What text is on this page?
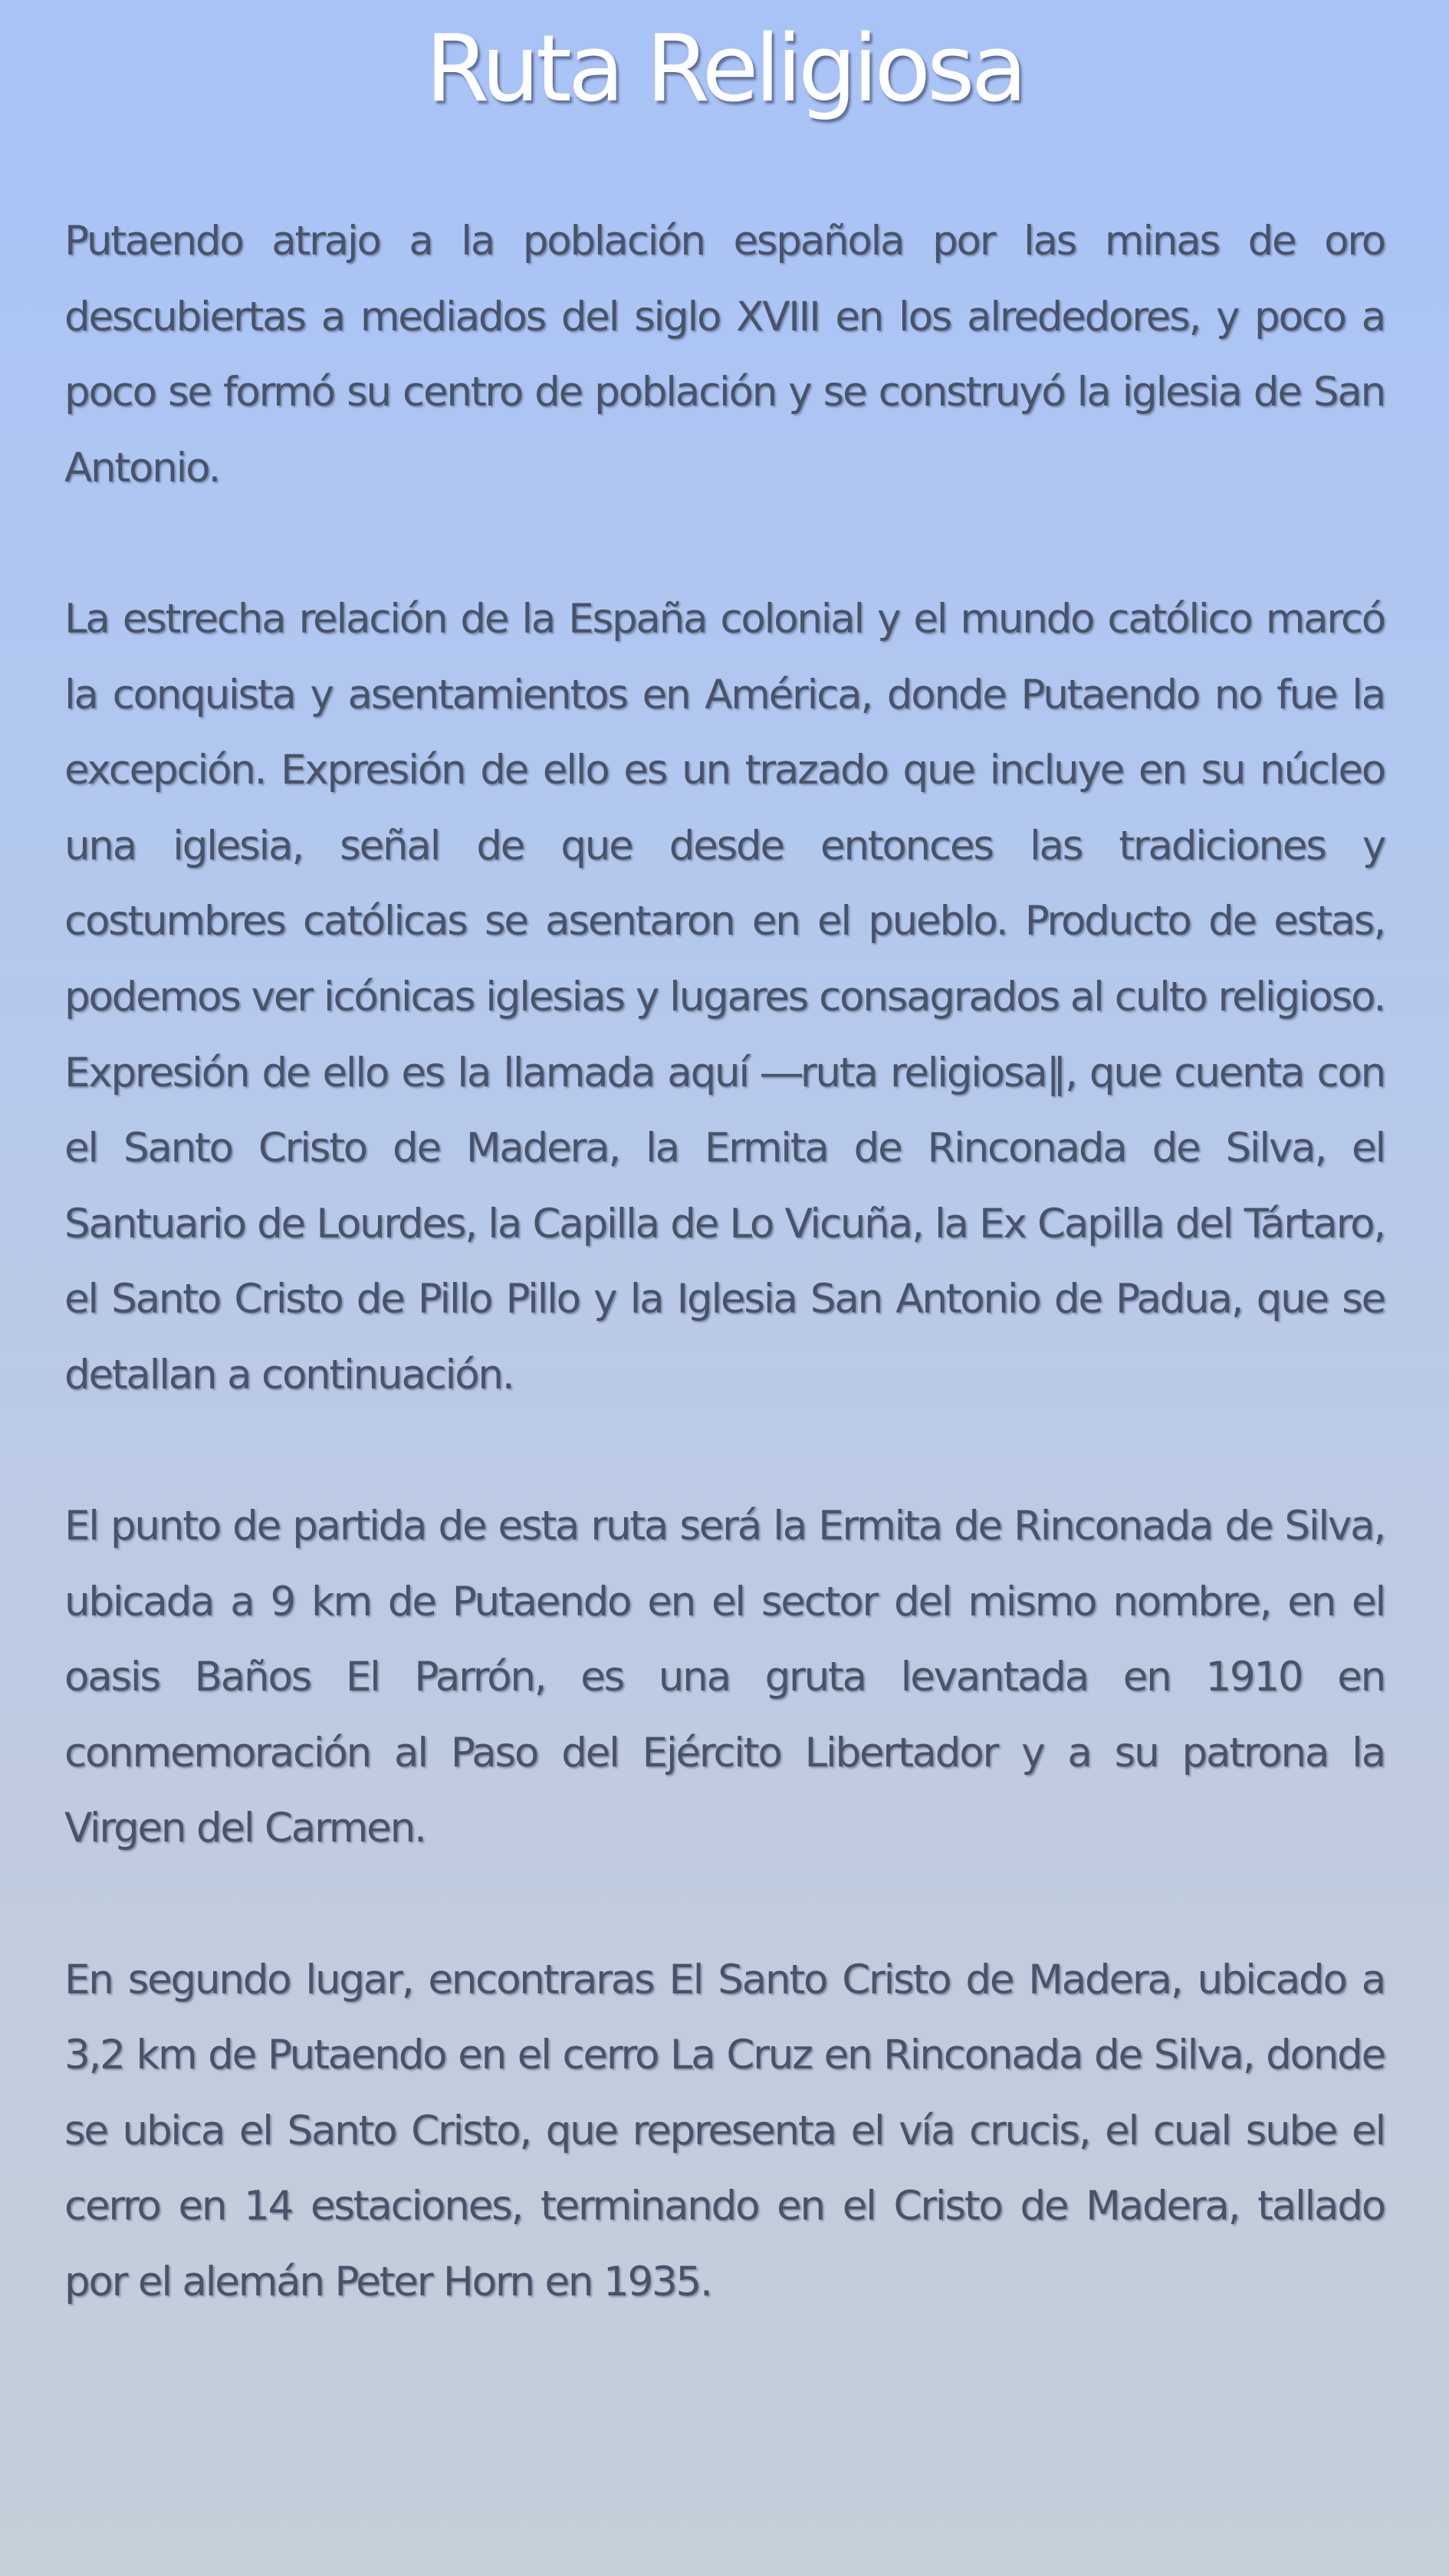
Ruta Religiosa

Putaendo atrajo a la población española por las minas de oro descubiertas a mediados del siglo XVIII en los alrededores, y poco a poco se formó su centro de población y se construyó la iglesia de San Antonio.

La estrecha relación de la España colonial y el mundo católico marcó la conquista y asentamientos en América, donde Putaendo no fue la excepción. Expresión de ello es un trazado que incluye en su núcleo una iglesia, señal de que desde entonces las tradiciones y costumbres católicas se asentaron en el pueblo. Producto de estas, podemos ver icónicas iglesias y lugares consagrados al culto religioso. Expresión de ello es la llamada aquí ―ruta religiosa‖, que cuenta con el Santo Cristo de Madera, la Ermita de Rinconada de Silva, el Santuario de Lourdes, la Capilla de Lo Vicuña, la Ex Capilla del Tártaro, el Santo Cristo de Pillo Pillo y la Iglesia San Antonio de Padua, que se detallan a continuación.

El punto de partida de esta ruta será la Ermita de Rinconada de Silva, ubicada a 9 km de Putaendo en el sector del mismo nombre, en el oasis Baños El Parrón, es una gruta levantada en 1910 en conmemoración al Paso del Ejército Libertador y a su patrona la Virgen del Carmen.

En segundo lugar, encontraras El Santo Cristo de Madera, ubicado a 3,2 km de Putaendo en el cerro La Cruz en Rinconada de Silva, donde se ubica el Santo Cristo, que representa el vía crucis, el cual sube el cerro en 14 estaciones, terminando en el Cristo de Madera, tallado por el alemán Peter Horn en 1935.
